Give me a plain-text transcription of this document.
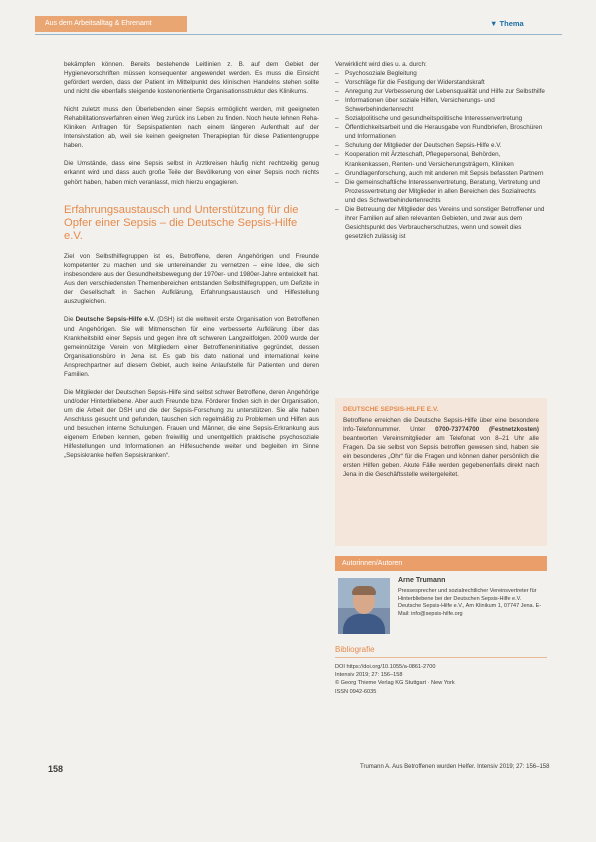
Aus dem Arbeitsalltag & Ehrenamt	▼ Thema

bekämpfen können. Bereits bestehende Leitlinien z. B. auf dem Gebiet der Hygienevorschriften müssen konsequenter angewendet werden. Es muss die Einsicht gefördert werden, dass der Patient im Mittelpunkt des klinischen Handelns stehen sollte und nicht die ebenfalls steigende kostenorientierte Organisationsstruktur des Klinikums.

Nicht zuletzt muss den Überlebenden einer Sepsis ermöglicht werden, mit geeigneten Rehabilitationsverfahren einen Weg zurück ins Leben zu finden. Noch heute lehnen Reha-Kliniken Anfragen für Sepsispatienten nach einem längeren Aufenthalt auf der Intensivstation ab, weil sie keinen geeigneten Therapieplan für diese Patientengruppe haben.

Die Umstände, dass eine Sepsis selbst in Arztkreisen häufig nicht rechtzeitig genug erkannt wird und dass auch große Teile der Bevölkerung von einer Sepsis noch nichts gehört haben, haben mich veranlasst, mich hierzu engagieren.

Erfahrungsaustausch und Unterstützung für die Opfer einer Sepsis – die Deutsche Sepsis-Hilfe e.V.

Ziel von Selbsthilfegruppen ist es, Betroffene, deren Angehörigen und Freunde kompetenter zu machen und sie untereinander zu vernetzen – eine Idee, die sich insbesondere aus der Gesundheitsbewegung der 1970er- und 1980er-Jahre entwickelt hat. Aus den verschiedensten Themenbereichen entstanden Selbsthilfegruppen, um Defizite in der Gesellschaft in Sachen Aufklärung, Erfahrungsaustausch und Hilfestellung auszugleichen.

Die Deutsche Sepsis-Hilfe e.V. (DSH) ist die weltweit erste Organisation von Betroffenen und Angehörigen. Sie will Mitmenschen für eine verbesserte Aufklärung über das Krankheitsbild einer Sepsis und gegen ihre oft schweren Langzeitfolgen. 2009 wurde der gemeinnützige Verein von Mitgliedern einer Betroffeneninitiative gegründet, dessen Organisationsbüro in Jena ist. Es gab bis dato national und international keine Ansprechpartner auf diesem Gebiet, auch keine Anlaufstelle für Patienten und deren Familien.

Die Mitglieder der Deutschen Sepsis-Hilfe sind selbst schwer Betroffene, deren Angehörige und/oder Hinterbliebene. Aber auch Freunde bzw. Förderer finden sich in der Organisation, um die Arbeit der DSH und die der Sepsis-Forschung zu unterstützen. Sie alle haben Anschluss gesucht und gefunden, tauschen sich regelmäßig zu Problemen und Hilfen aus und besuchen interne Schulungen. Frauen und Männer, die eine Sepsis-Erkrankung aus eigenem Erleben kennen, geben freiwillig und unentgeltlich praktische psychosoziale Hilfestellungen und Informationen an Hilfesuchende weiter und begleiten im Sinne „Sepsiskranke helfen Sepsiskranken“.

Verwirklicht wird dies u. a. durch:

– Psychosoziale Begleitung
– Vorschläge für die Festigung der Widerstandskraft
– Anregung zur Verbesserung der Lebensqualität und Hilfe zur Selbsthilfe
– Informationen über soziale Hilfen, Versicherungs- und Schwerbehindertenrecht
– Sozialpolitische und gesundheitspolitische Interessenvertretung
– Öffentlichkeitsarbeit und die Herausgabe von Rundbriefen, Broschüren und Informationen
– Schulung der Mitglieder der Deutschen Sepsis-Hilfe e.V.
– Kooperation mit Ärzteschaft, Pflegepersonal, Behörden, Krankenkassen, Renten- und Versicherungsträgern, Kliniken
– Grundlagenforschung, auch mit anderen mit Sepsis befassten Partnern
– Die gemeinschaftliche Interessenvertretung, Beratung, Vertretung und Prozessvertretung der Mitglieder in allen Bereichen des Sozialrechts und des Schwerbehindertenrechts
– Die Betreuung der Mitglieder des Vereins und sonstiger Betroffener und ihrer Familien auf allen relevanten Gebieten, und zwar aus dem Gesichtspunkt des Verbraucherschutzes, wenn und soweit dies gesetzlich zulässig ist
DEUTSCHE SEPSIS-HILFE E.V.
Betroffene erreichen die Deutsche Sepsis-Hilfe über eine besondere Info-Telefonnummer. Unter 0700-73774700 (Festnetzkosten) beantworten Vereinsmitglieder am Telefonat von 8–21 Uhr alle Fragen. Da sie selbst von Sepsis betroffen gewesen sind, haben sie ein besonderes „Ohr“ für die Fragen und können daher persönlich die ersten Hilfen geben. Akute Fälle werden gegebenenfalls direkt nach Jena in die Geschäftsstelle weitergeleitet.
Autorinnen/Autoren
Arne Trumann
Pressesprecher und sozialrechtlicher Vereinsvertreter für Hinterbliebene bei der Deutschen Sepsis-Hilfe e.V. Deutsche Sepsis-Hilfe e.V., Am Klinikum 1, 07747 Jena. E-Mail: info@sepsis-hilfe.org
Bibliografie
DOI https://doi.org/10.1055/a-0861-2700
Intensiv 2019; 27: 156–158
© Georg Thieme Verlag KG Stuttgart · New York
ISSN 0942-6035
158	Trumann A. Aus Betroffenen wurden Helfer. Intensiv 2019; 27: 156–158
